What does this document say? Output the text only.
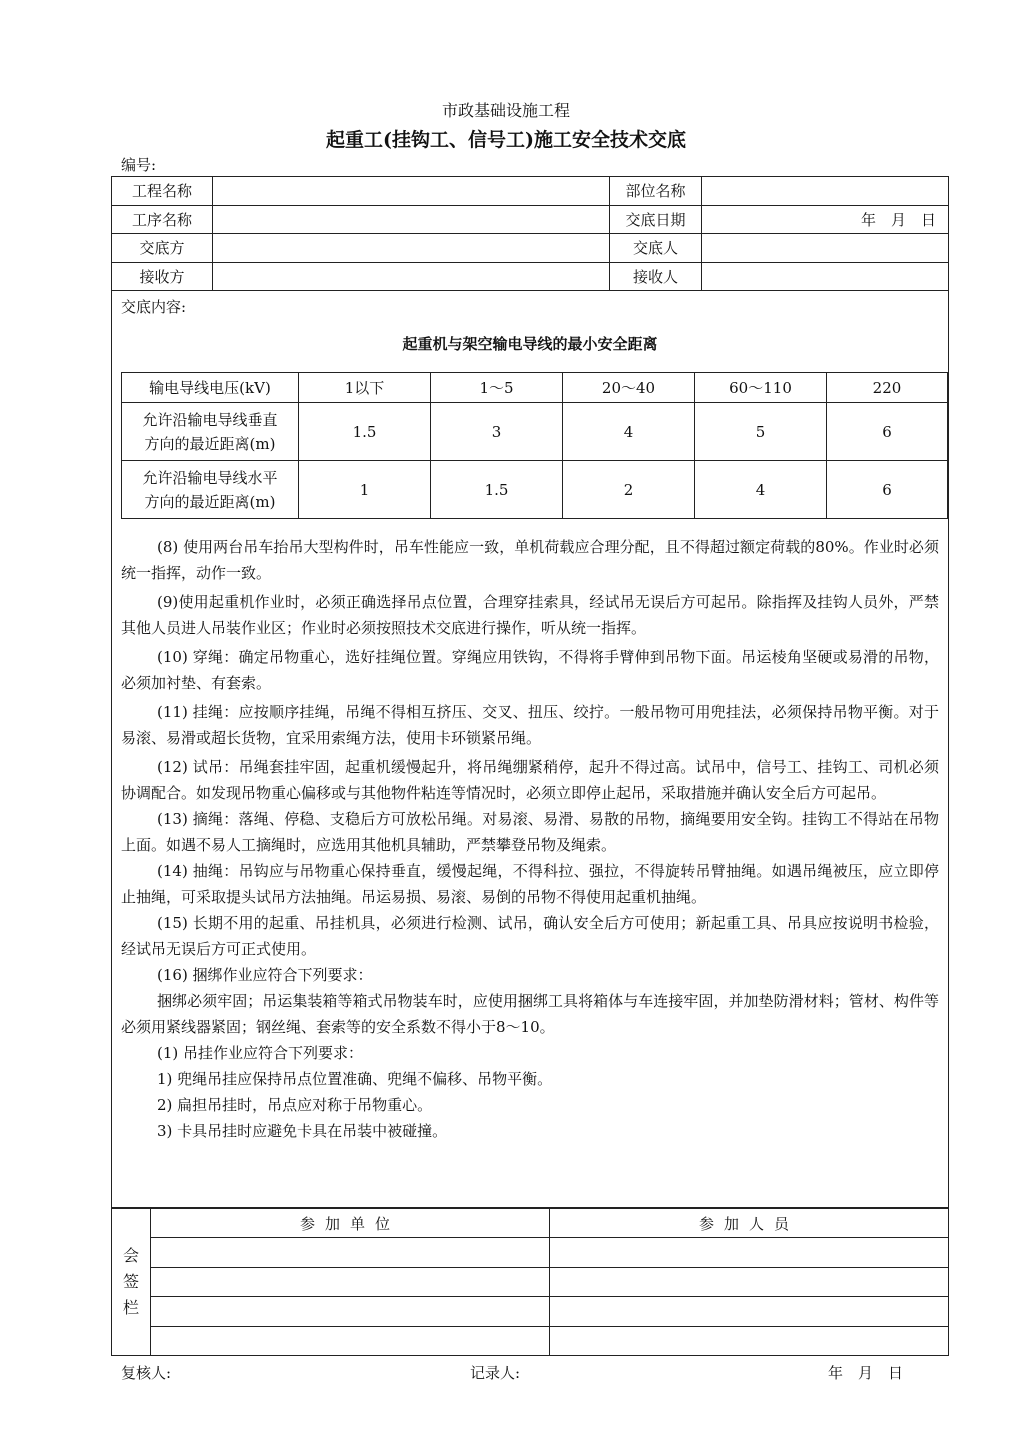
市政基础设施工程
起重工(挂钩工、信号工)施工安全技术交底
编号:
工程名称		部位名称	
工序名称		交底日期	年　月　日
交底方		交底人	
接收方		接收人	
交底内容:
起重机与架空输电导线的最小安全距离
输电导线电压(kV)	1以下	1～5	20～40	60～110	220

允许沿输电导线垂直
方向的最近距离(m)	1.5	3	4	5	6

允许沿输电导线水平
方向的最近距离(m)	1	1.5	2	4	6

(8) 使用两台吊车抬吊大型构件时，吊车性能应一致，单机荷载应合理分配，且不得超过额定荷载的80%。作业时必须统一指挥，动作一致。

(9)使用起重机作业时，必须正确选择吊点位置，合理穿挂索具，经试吊无误后方可起吊。除指挥及挂钩人员外，严禁其他人员进人吊装作业区；作业时必须按照技术交底进行操作，听从统一指挥。

(10) 穿绳：确定吊物重心，选好挂绳位置。穿绳应用铁钩，不得将手臂伸到吊物下面。吊运棱角坚硬或易滑的吊物，必须加衬垫、有套索。

(11) 挂绳：应按顺序挂绳，吊绳不得相互挤压、交叉、扭压、绞拧。一般吊物可用兜挂法，必须保持吊物平衡。对于易滚、易滑或超长货物，宜采用索绳方法，使用卡环锁紧吊绳。

(12) 试吊：吊绳套挂牢固，起重机缓慢起升，将吊绳绷紧稍停，起升不得过高。试吊中，信号工、挂钩工、司机必须协调配合。如发现吊物重心偏移或与其他物件粘连等情况时，必须立即停止起吊，采取措施并确认安全后方可起吊。

(13) 摘绳：落绳、停稳、支稳后方可放松吊绳。对易滚、易滑、易散的吊物，摘绳要用安全钩。挂钩工不得站在吊物上面。如遇不易人工摘绳时，应选用其他机具辅助，严禁攀登吊物及绳索。

(14) 抽绳：吊钩应与吊物重心保持垂直，缓慢起绳，不得科拉、强拉，不得旋转吊臂抽绳。如遇吊绳被压，应立即停止抽绳，可采取提头试吊方法抽绳。吊运易损、易滚、易倒的吊物不得使用起重机抽绳。

(15) 长期不用的起重、吊挂机具，必须进行检测、试吊，确认安全后方可使用；新起重工具、吊具应按说明书检验，经试吊无误后方可正式使用。

(16) 捆绑作业应符合下列要求：

捆绑必须牢固；吊运集装箱等箱式吊物装车时，应使用捆绑工具将箱体与车连接牢固，并加垫防滑材料；管材、构件等必须用紧线器紧固；钢丝绳、套索等的安全系数不得小于8～10。

(1) 吊挂作业应符合下列要求：

1) 兜绳吊挂应保持吊点位置准确、兜绳不偏移、吊物平衡。

2) 扁担吊挂时，吊点应对称于吊物重心。

3) 卡具吊挂时应避免卡具在吊装中被碰撞。

会
签
栏	参加单位	参加人员

复核人:	记录人:	年　月　日
